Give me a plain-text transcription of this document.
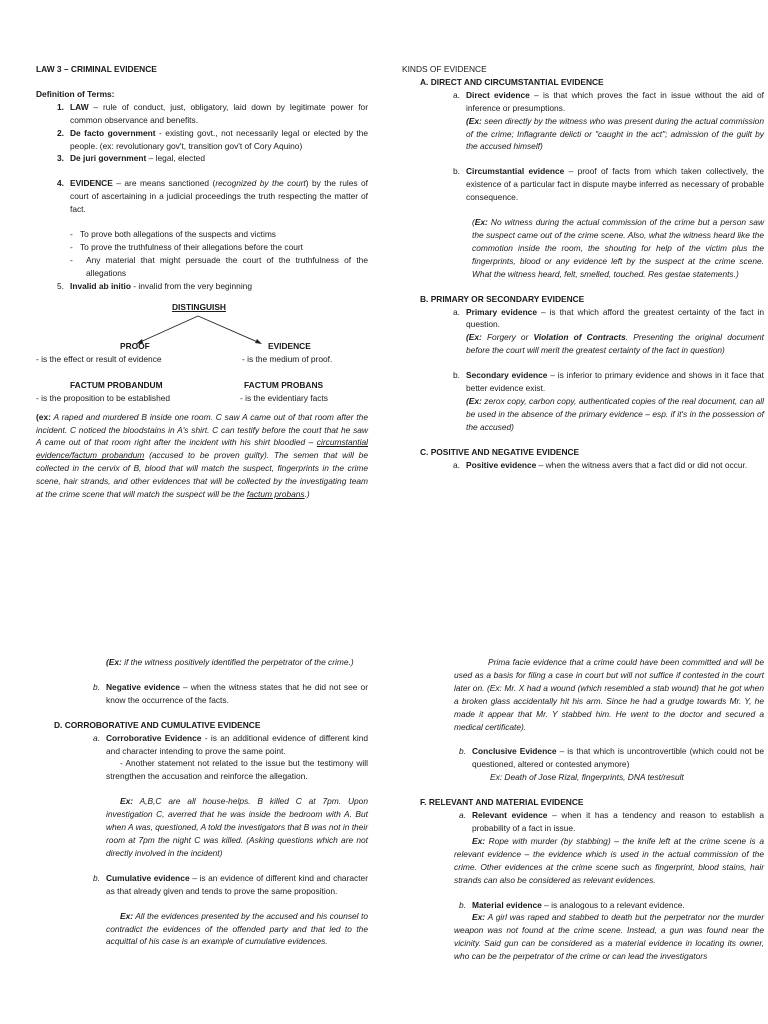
LAW 3 – CRIMINAL EVIDENCE

Definition of Terms:

1. LAW – rule of conduct, just, obligatory, laid down by legitimate power for common observance and benefits.
2. De facto government - existing govt., not necessarily legal or elected by the people. (ex: revolutionary gov't, transition gov't of Cory Aquino)
3. De juri government – legal, elected
4. EVIDENCE – are means sanctioned (recognized by the court) by the rules of court of ascertaining in a judicial proceedings the truth respecting the matter of fact.
- To prove both allegations of the suspects and victims
- To prove the truthfulness of their allegations before the court
-	Any material that might persuade the court of the truthfulness of the allegations
5. Invalid ab initio - invalid from the very beginning
DISTINGUISH
PROOF
- is the effect or result of evidence
EVIDENCE
- is the medium of proof.
FACTUM PROBANDUM
- is the proposition to be established
FACTUM PROBANS
- is the evidentiary facts

(ex: A raped and murdered B inside one room. C saw A came out of that room after the incident. C noticed the bloodstains in A's shirt. C can testify before the court that he saw A came out of that room right after the incident with his shirt bloodied – circumstantial evidence/factum probandum (accused to be proven guilty). The semen that will be collected in the cervix of B, blood that will match the suspect, fingerprints in the crime scene, hair strands, and other evidences that will be collected by the investigating team at the crime scene that will match the suspect will be the factum probans.)

KINDS OF EVIDENCE

A. DIRECT AND CIRCUMSTANTIAL EVIDENCE

a. Direct evidence – is that which proves the fact in issue without the aid of inference or presumptions.
(Ex: seen directly by the witness who was present during the actual commission of the crime; Inflagrante delicti or "caught in the act"; admission of the guilt by the accused himself)
b. Circumstantial evidence – proof of facts from which taken collectively, the existence of a particular fact in dispute maybe inferred as necessary of probable consequence.

(Ex: No witness during the actual commission of the crime but a person saw the suspect came out of the crime scene. Also, what the witness heard like the commotion inside the room, the shouting for help of the victim plus the fingerprints, blood or any evidence left by the suspect at the crime scene. What the witness heard, felt, smelled, touched. Res gestae statements.)

B. PRIMARY OR SECONDARY EVIDENCE

a. Primary evidence – is that which afford the greatest certainty of the fact in question.
(Ex: Forgery or Violation of Contracts. Presenting the original document before the court will merit the greatest certainty of the fact in question)
b. Secondary evidence – is inferior to primary evidence and shows in it face that better evidence exist.
(Ex: zerox copy, carbon copy, authenticated copies of the real document, can all be used in the absence of the primary evidence – esp. if it's in the possession of the accused)

C. POSITIVE AND NEGATIVE EVIDENCE

a. Positive evidence – when the witness avers that a fact did or did not occur.

(Ex: if the witness positively identified the perpetrator of the crime.)

b. Negative evidence – when the witness states that he did not see or know the occurrence of the facts.

D. CORROBORATIVE AND CUMULATIVE EVIDENCE

a. Corroborative Evidence - is an additional evidence of different kind and character intending to prove the same point.

- Another statement not related to the issue but the testimony will strengthen the accusation and reinforce the allegation.

Ex: A,B,C are all house-helps. B killed C at 7pm. Upon investigation C, averred that he was inside the bedroom with A. But when A was, questioned, A told the investigators that B was not in their room at 7pm the night C was killed. (Asking questions which are not directly involved in the incident)

b. Cumulative evidence – is an evidence of different kind and character as that already given and tends to prove the same proposition.

Ex: All the evidences presented by the accused and his counsel to contradict the evidences of the offended party and that led to the acquittal of his case is an example of cumulative evidences.

Prima facie evidence that a crime could have been committed and will be used as a basis for filing a case in court but will not suffice if contested in the court later on. (Ex: Mr. X had a wound (which resembled a stab wound) that he got when a broken glass accidentally hit his arm. Since he had a grudge towards Mr. Y, he made it appear that Mr. Y stabbed him. He went to the doctor and secured a medical certificate).

b. Conclusive Evidence – is that which is uncontrovertible (which could not be questioned, altered or contested anymore)

Ex: Death of Jose Rizal, fingerprints, DNA test/result

F. RELEVANT AND MATERIAL EVIDENCE

a. Relevant evidence – when it has a tendency and reason to establish a probability of a fact in issue.

Ex: Rope with murder (by stabbing) – the knife left at the crime scene is a relevant evidence – the evidence which is used in the actual commission of the crime. Other evidences at the crime scene such as fingerprint, blood stains, hair strands can also be considered as relevant evidences.

b. Material evidence – is analogous to a relevant evidence.

Ex: A girl was raped and stabbed to death but the perpetrator nor the murder weapon was not found at the crime scene. Instead, a gun was found near the vicinity. Said gun can be considered as a material evidence in locating its owner, who can be the perpetrator of the crime or can lead the investigators
